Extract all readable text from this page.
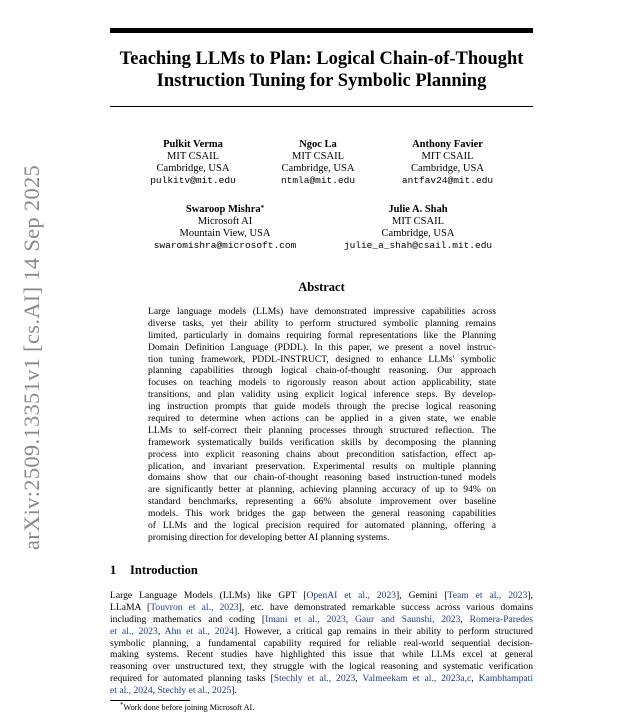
Teaching LLMs to Plan: Logical Chain-of-Thought
Instruction Tuning for Symbolic Planning
Pulkit Verma
MIT CSAIL
Cambridge, USA
pulkitv@mit.edu
Ngoc La
MIT CSAIL
Cambridge, USA
ntmla@mit.edu
Anthony Favier
MIT CSAIL
Cambridge, USA
antfav24@mit.edu
Swaroop Mishra*
Microsoft AI
Mountain View, USA
swaromishra@microsoft.com
Julie A. Shah
MIT CSAIL
Cambridge, USA
julie_a_shah@csail.mit.edu
arXiv:2509.13351v1 [cs.AI] 14 Sep 2025	Abstract
Large language models (LLMs) have demonstrated impressive capabilities across
diverse tasks, yet their ability to perform structured symbolic planning remains
limited, particularly in domains requiring formal representations like the Planning
Domain Definition Language (PDDL). In this paper, we present a novel instruc-
tion tuning framework, PDDL-INSTRUCT, designed to enhance LLMs' symbolic
planning capabilities through logical chain-of-thought reasoning. Our approach
focuses on teaching models to rigorously reason about action applicability, state
transitions, and plan validity using explicit logical inference steps. By develop-
ing instruction prompts that guide models through the precise logical reasoning
required to determine when actions can be applied in a given state, we enable
LLMs to self-correct their planning processes through structured reflection. The
framework systematically builds verification skills by decomposing the planning
process into explicit reasoning chains about precondition satisfaction, effect ap-
plication, and invariant preservation. Experimental results on multiple planning
domains show that our chain-of-thought reasoning based instruction-tuned models
are significantly better at planning, achieving planning accuracy of up to 94% on
standard benchmarks, representing a 66% absolute improvement over baseline
models. This work bridges the gap between the general reasoning capabilities
of LLMs and the logical precision required for automated planning, offering a
promising direction for developing better AI planning systems.
1 Introduction
Large Language Models (LLMs) like GPT [OpenAI et al., 2023], Gemini [Team et al., 2023],
LLaMA [Touvron et al., 2023], etc. have demonstrated remarkable success across various domains
including mathematics and coding [Imani et al., 2023, Gaur and Saunshi, 2023, Romera-Paredes
et al., 2023, Ahn et al., 2024]. However, a critical gap remains in their ability to perform structured
symbolic planning, a fundamental capability required for reliable real-world sequential decision-
making systems. Recent studies have highlighted this issue that while LLMs excel at general
reasoning over unstructured text, they struggle with the logical reasoning and systematic verification
required for automated planning tasks [Stechly et al., 2023, Valmeekam et al., 2023a,c, Kambhampati
et al., 2024, Stechly et al., 2025].
*Work done before joining Microsoft AI.
